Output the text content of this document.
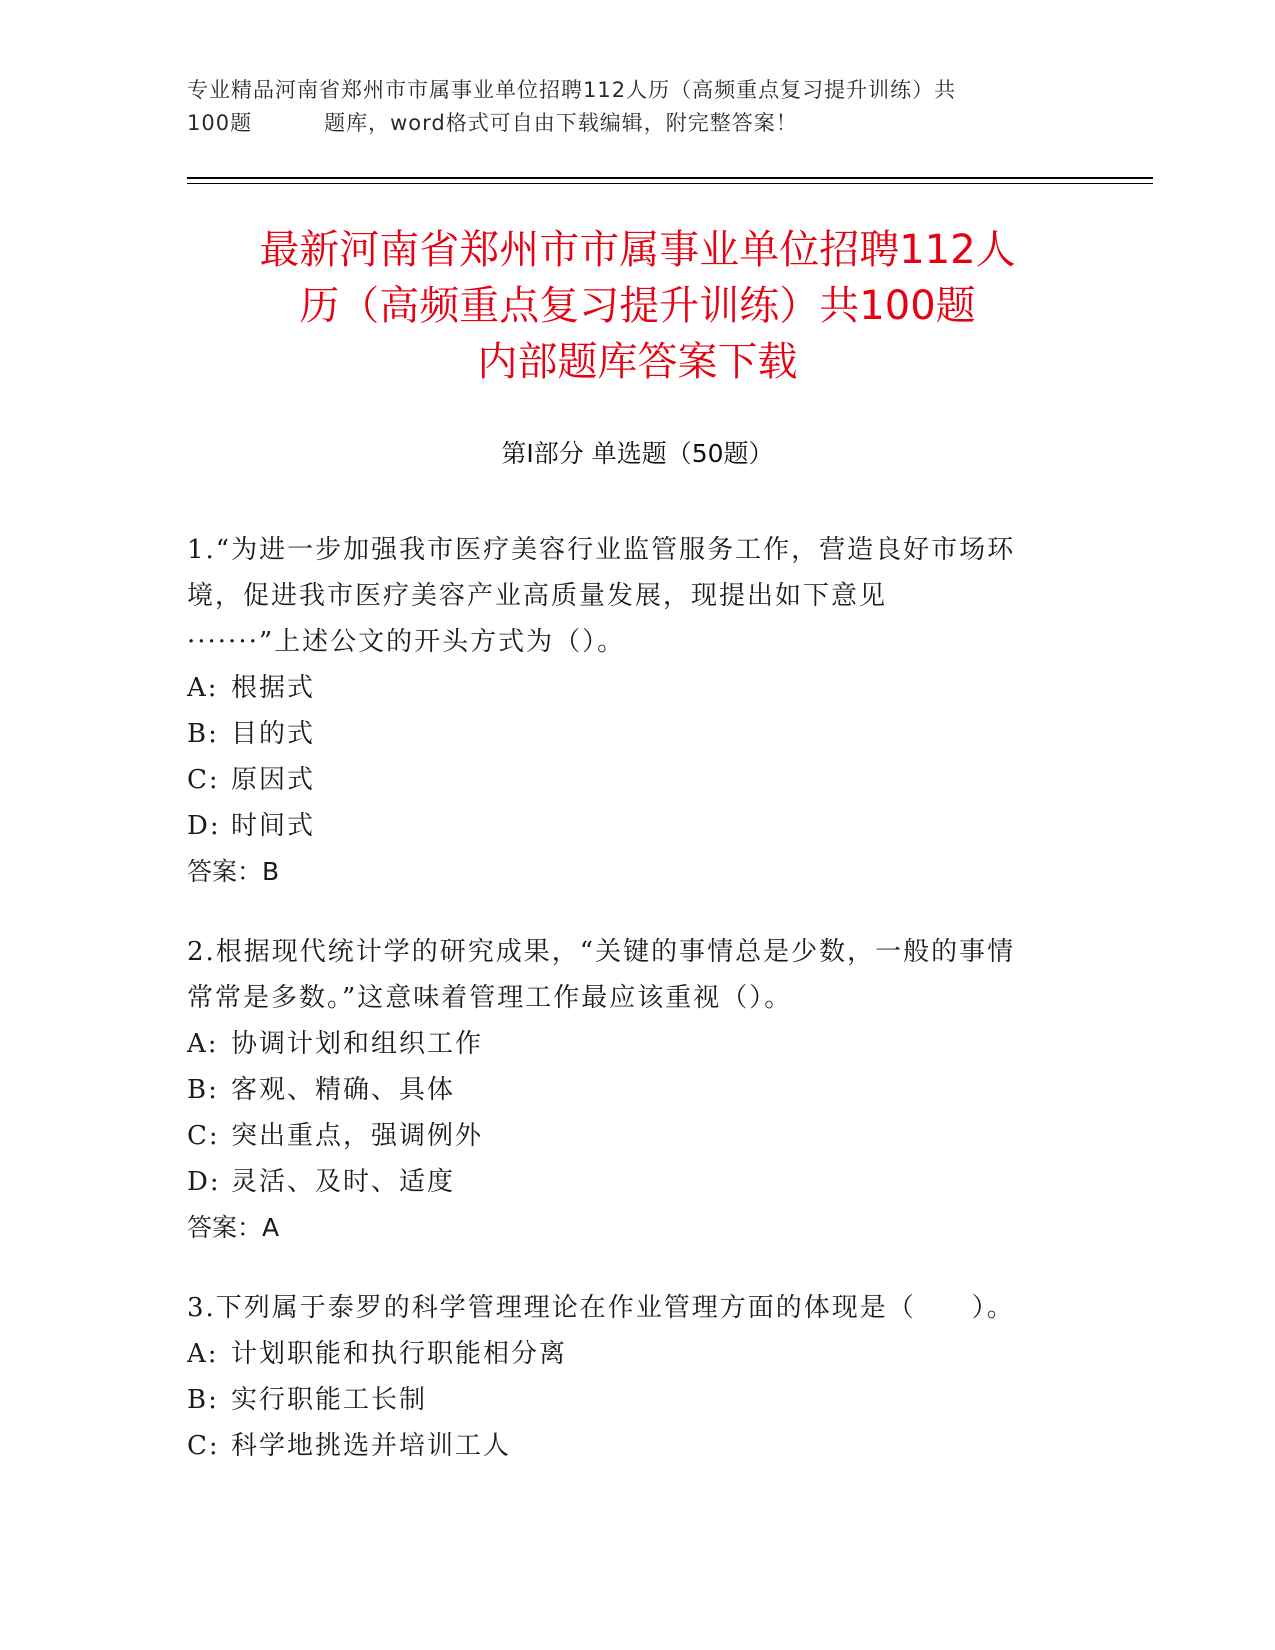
专业精品河南省郑州市市属事业单位招聘112人历（高频重点复习提升训练）共
100题	题库，word格式可自由下载编辑，附完整答案！
最新河南省郑州市市属事业单位招聘112人
历（高频重点复习提升训练）共100题
内部题库答案下载
第I部分 单选题（50题）
1.“为进一步加强我市医疗美容行业监管服务工作，营造良好市场环
境，促进我市医疗美容产业高质量发展，现提出如下意见
·······”上述公文的开头方式为（）。
A: 根据式
B: 目的式
C: 原因式
D: 时间式
答案：B
2.根据现代统计学的研究成果，“关键的事情总是少数，一般的事情
常常是多数。”这意味着管理工作最应该重视（）。
A: 协调计划和组织工作
B: 客观、精确、具体
C: 突出重点，强调例外
D: 灵活、及时、适度
答案：A
3.下列属于泰罗的科学管理理论在作业管理方面的体现是（　　）。
A: 计划职能和执行职能相分离
B: 实行职能工长制
C: 科学地挑选并培训工人
